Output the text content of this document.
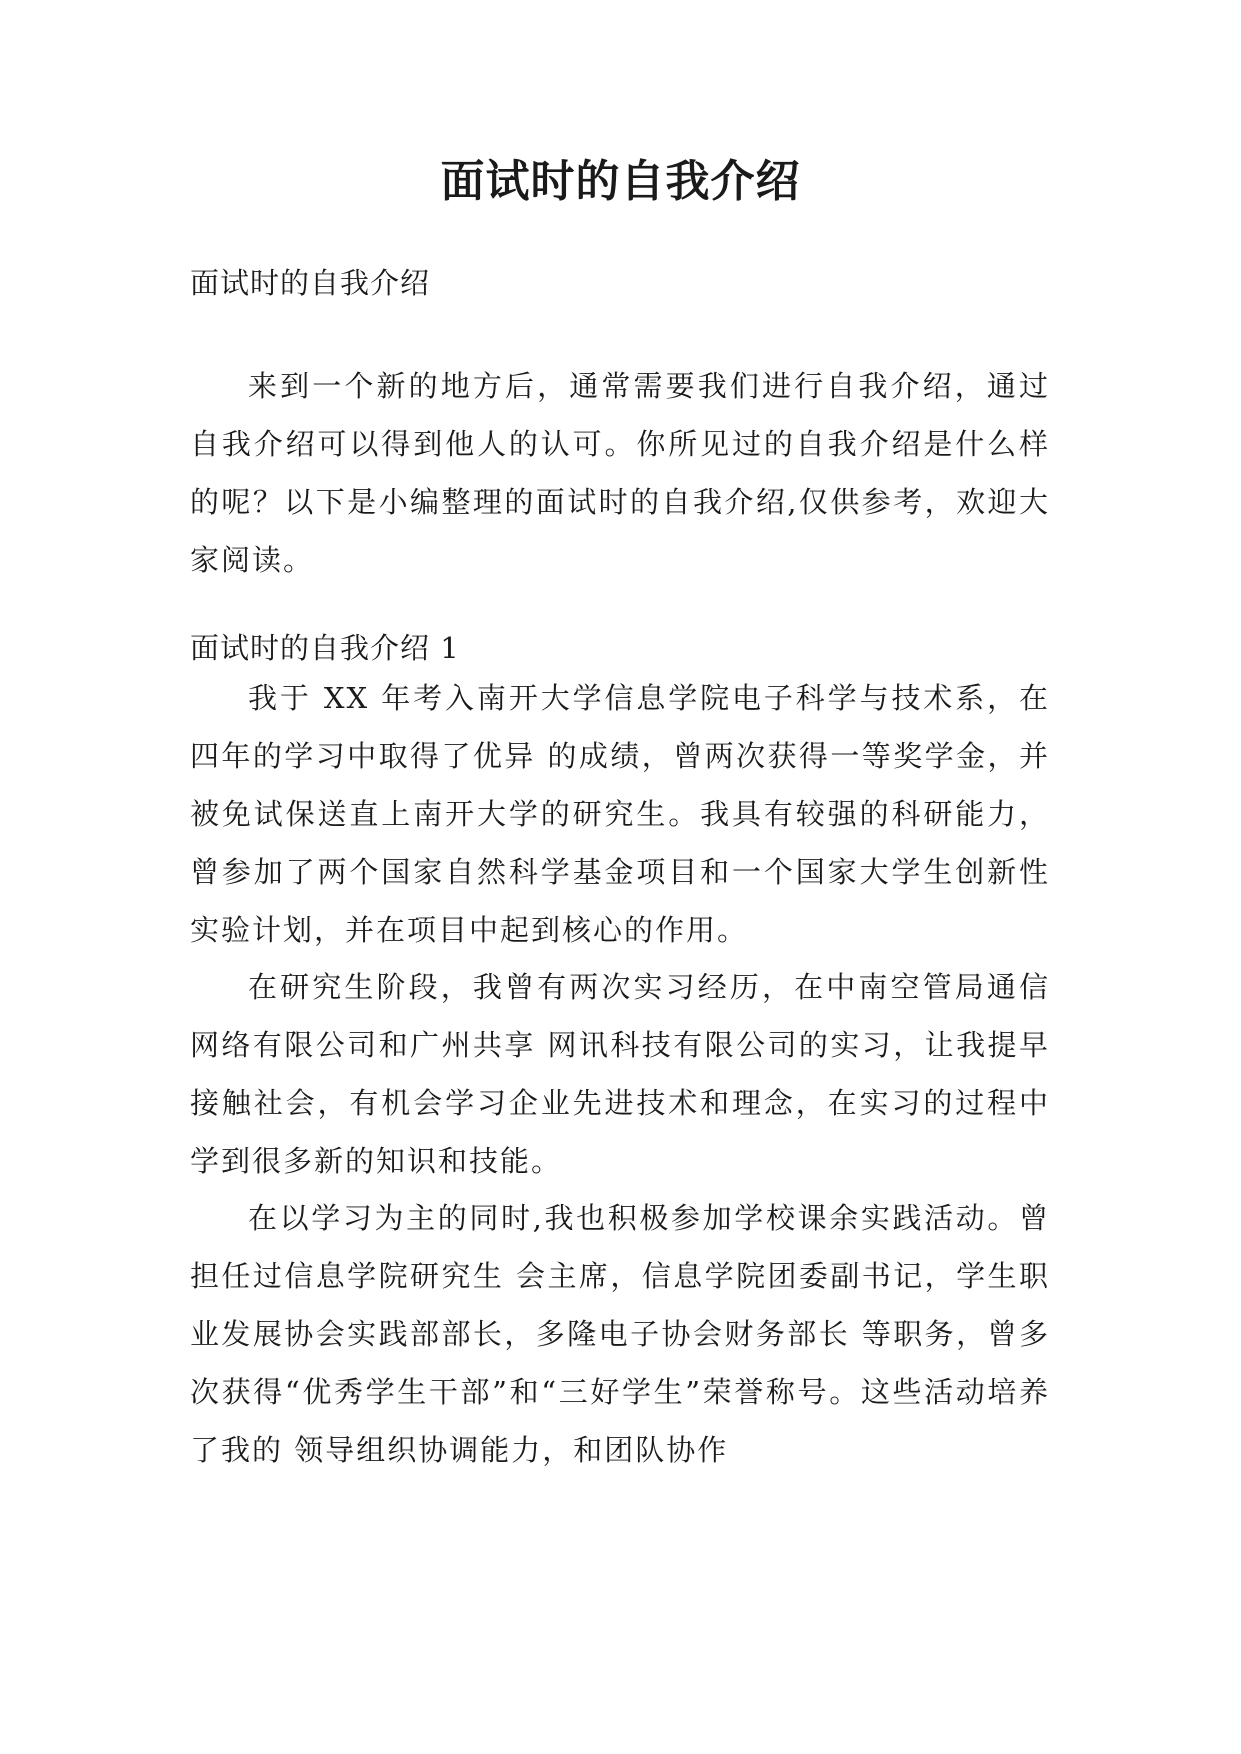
面试时的自我介绍

面试时的自我介绍

来到一个新的地方后，通常需要我们进行自我介绍，通过自我介绍可以得到他人的认可。你所见过的自我介绍是什么样的呢？以下是小编整理的面试时的自我介绍,仅供参考，欢迎大家阅读。

面试时的自我介绍 1

我于 XX 年考入南开大学信息学院电子科学与技术系，在四年的学习中取得了优异 的成绩，曾两次获得一等奖学金，并被免试保送直上南开大学的研究生。我具有较强的科研能力，曾参加了两个国家自然科学基金项目和一个国家大学生创新性实验计划，并在项目中起到核心的作用。

在研究生阶段，我曾有两次实习经历，在中南空管局通信网络有限公司和广州共享 网讯科技有限公司的实习，让我提早接触社会，有机会学习企业先进技术和理念，在实习的过程中学到很多新的知识和技能。

在以学习为主的同时,我也积极参加学校课余实践活动。曾担任过信息学院研究生 会主席，信息学院团委副书记，学生职业发展协会实践部部长，多隆电子协会财务部长 等职务，曾多次获得“优秀学生干部”和“三好学生”荣誉称号。这些活动培养了我的 领导组织协调能力，和团队协作
